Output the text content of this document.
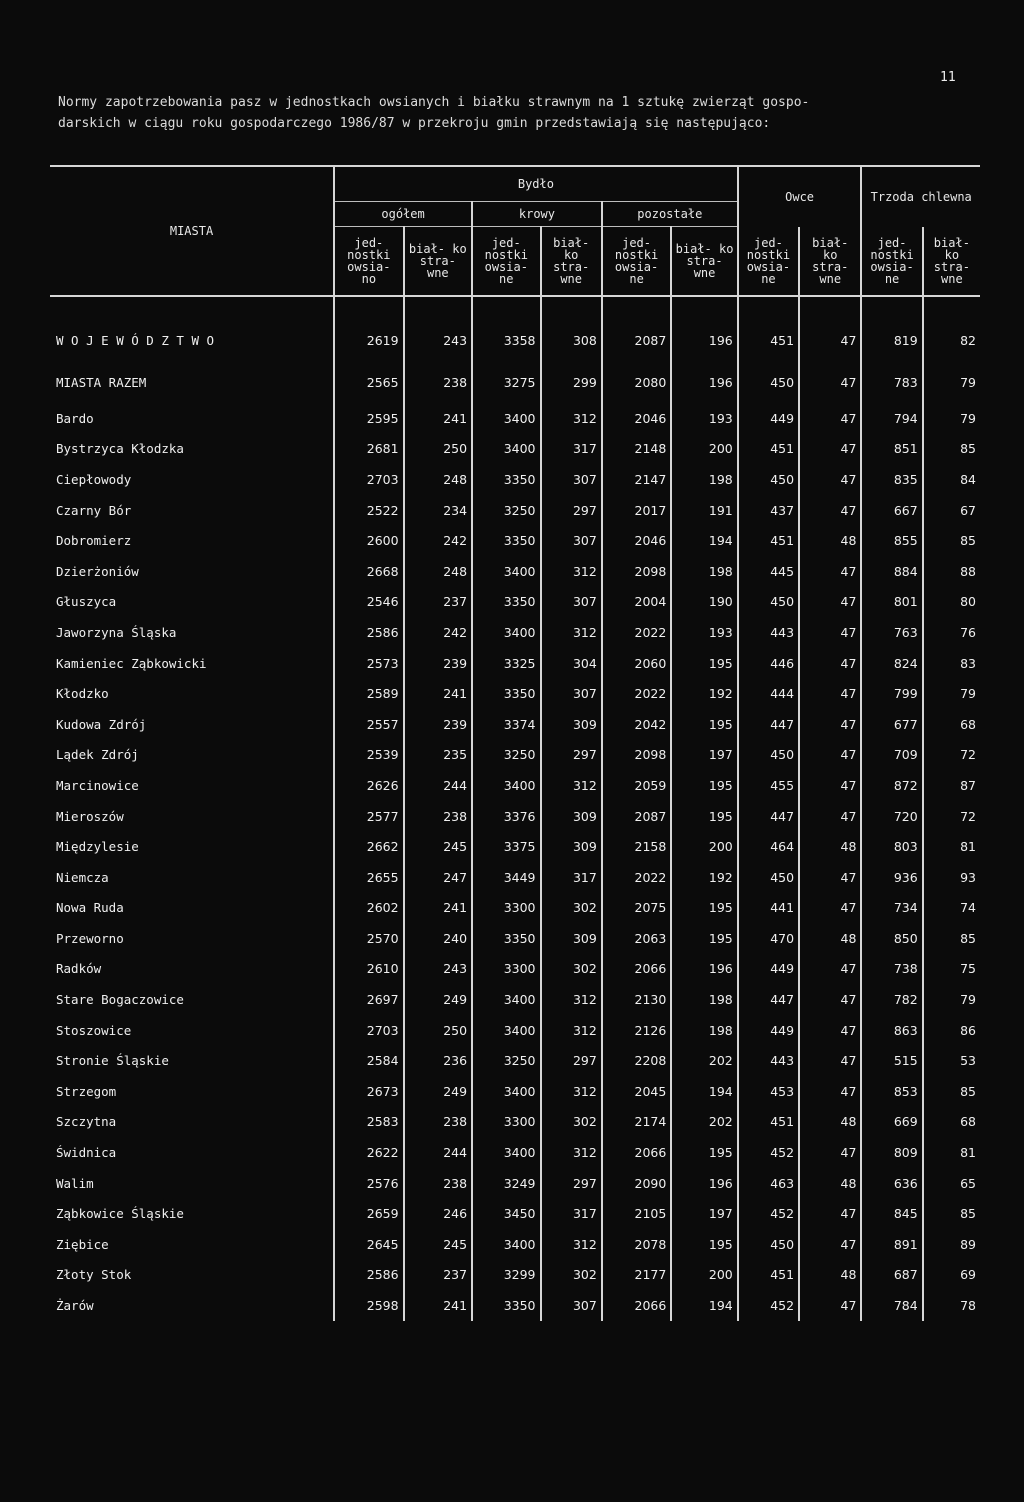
11
Normy zapotrzebowania pasz w jednostkach owsianych i białku strawnym na 1 sztukę zwierząt gospo-
darskich w ciągu roku gospodarczego 1986/87 w przekroju gmin przedstawiają się następująco:
MIASTA	Bydło						Owce		Trzoda chlewna	
	ogółem		krowy		pozostałe					
	jed- nostki owsia- no	biał- ko stra- wne	jed- nostki owsia- ne	biał- ko stra- wne	jed- nostki owsia- ne	biał- ko stra- wne	jed- nostki owsia- ne	biał- ko stra- wne	jed- nostki owsia- ne	biał- ko stra- wne

W O J E W Ó D Z T W O	2619	243	3358	308	2087	196	451	47	819	82
MIASTA RAZEM	2565	238	3275	299	2080	196	450	47	783	79
Bardo	2595	241	3400	312	2046	193	449	47	794	79
Bystrzyca Kłodzka	2681	250	3400	317	2148	200	451	47	851	85
Ciepłowody	2703	248	3350	307	2147	198	450	47	835	84
Czarny Bór	2522	234	3250	297	2017	191	437	47	667	67
Dobromierz	2600	242	3350	307	2046	194	451	48	855	85
Dzierżoniów	2668	248	3400	312	2098	198	445	47	884	88
Głuszyca	2546	237	3350	307	2004	190	450	47	801	80
Jaworzyna Śląska	2586	242	3400	312	2022	193	443	47	763	76
Kamieniec Ząbkowicki	2573	239	3325	304	2060	195	446	47	824	83
Kłodzko	2589	241	3350	307	2022	192	444	47	799	79
Kudowa Zdrój	2557	239	3374	309	2042	195	447	47	677	68
Lądek Zdrój	2539	235	3250	297	2098	197	450	47	709	72
Marcinowice	2626	244	3400	312	2059	195	455	47	872	87
Mieroszów	2577	238	3376	309	2087	195	447	47	720	72
Międzylesie	2662	245	3375	309	2158	200	464	48	803	81
Niemcza	2655	247	3449	317	2022	192	450	47	936	93
Nowa Ruda	2602	241	3300	302	2075	195	441	47	734	74
Przeworno	2570	240	3350	309	2063	195	470	48	850	85
Radków	2610	243	3300	302	2066	196	449	47	738	75
Stare Bogaczowice	2697	249	3400	312	2130	198	447	47	782	79
Stoszowice	2703	250	3400	312	2126	198	449	47	863	86
Stronie Śląskie	2584	236	3250	297	2208	202	443	47	515	53
Strzegom	2673	249	3400	312	2045	194	453	47	853	85
Szczytna	2583	238	3300	302	2174	202	451	48	669	68
Świdnica	2622	244	3400	312	2066	195	452	47	809	81
Walim	2576	238	3249	297	2090	196	463	48	636	65
Ząbkowice Śląskie	2659	246	3450	317	2105	197	452	47	845	85
Ziębice	2645	245	3400	312	2078	195	450	47	891	89
Złoty Stok	2586	237	3299	302	2177	200	451	48	687	69
Żarów	2598	241	3350	307	2066	194	452	47	784	78
